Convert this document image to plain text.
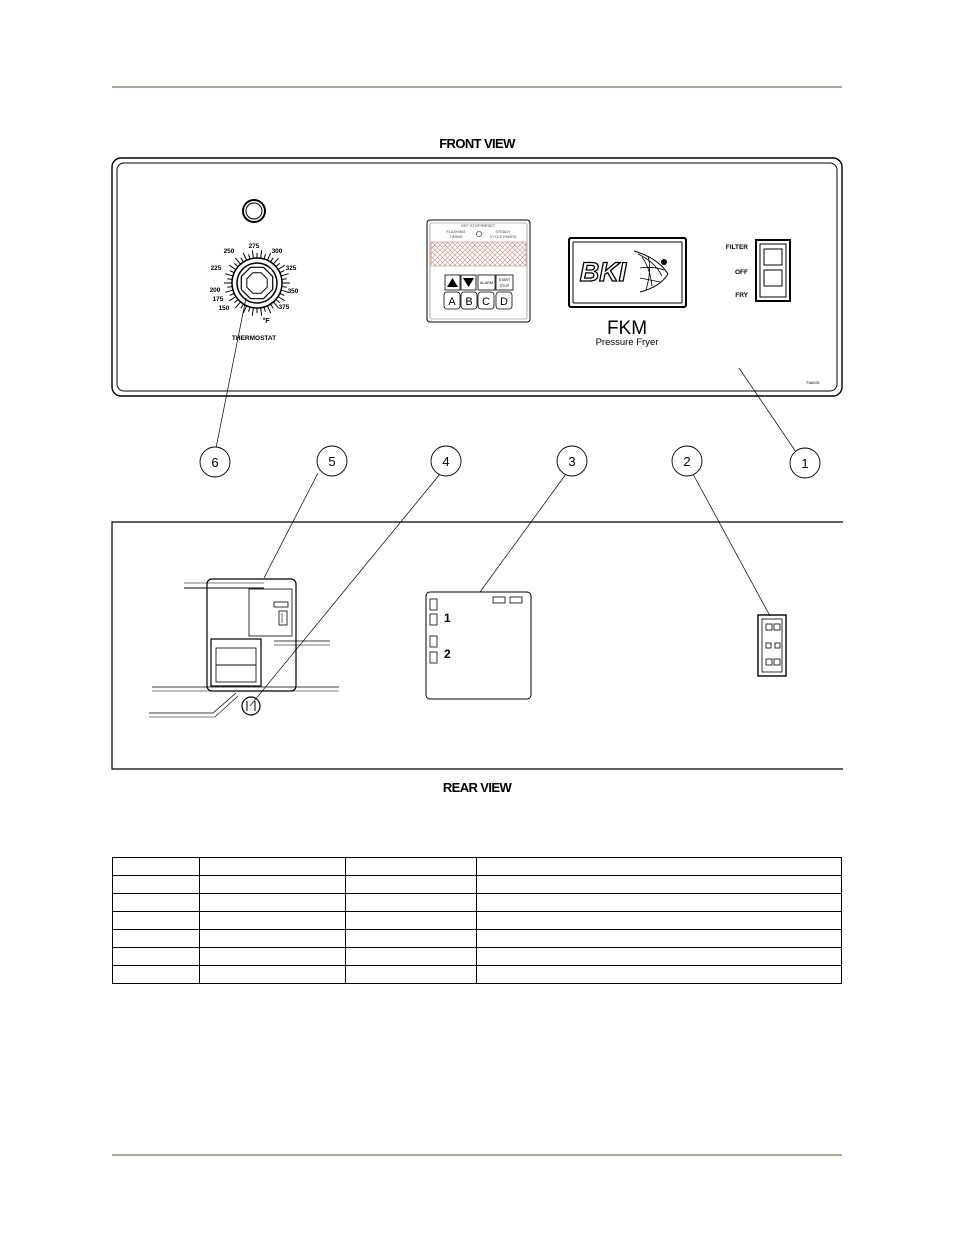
FRONT VIEW
REAR VIEW
150
175
200
225
250
275
300
325
350
375
°F
THERMOSTAT
OFF STOP/RESET
FLASHING
TIMING
STEADY
CYCLE ENDED
ALARM
START
STOP
A B C D
BKI
FKM
Pressure Fryer
FILTER
OFF
FRY
FA6025
6	5	4	3	2	1
1
2
